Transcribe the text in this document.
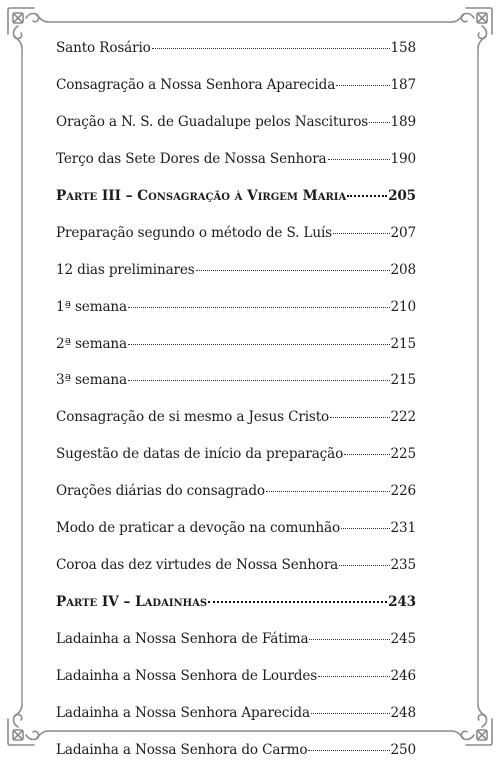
Santo Rosário	158
Consagração a Nossa Senhora Aparecida	187
Oração a N. S. de Guadalupe pelos Nascituros 189
Terço das Sete Dores de Nossa Senhora	190
Parte III – Consagração à Virgem Maria	205
Preparação segundo o método de S. Luís	207
12 dias preliminares	208
1ª semana	210
2ª semana	215
3ª semana	215
Consagração de si mesmo a Jesus Cristo	222
Sugestão de datas de início da preparação	225
Orações diárias do consagrado	226
Modo de praticar a devoção na comunhão	231
Coroa das dez virtudes de Nossa Senhora	235
Parte IV – Ladainhas	243
Ladainha a Nossa Senhora de Fátima	245
Ladainha a Nossa Senhora de Lourdes	246
Ladainha a Nossa Senhora Aparecida	248
Ladainha a Nossa Senhora do Carmo	250
